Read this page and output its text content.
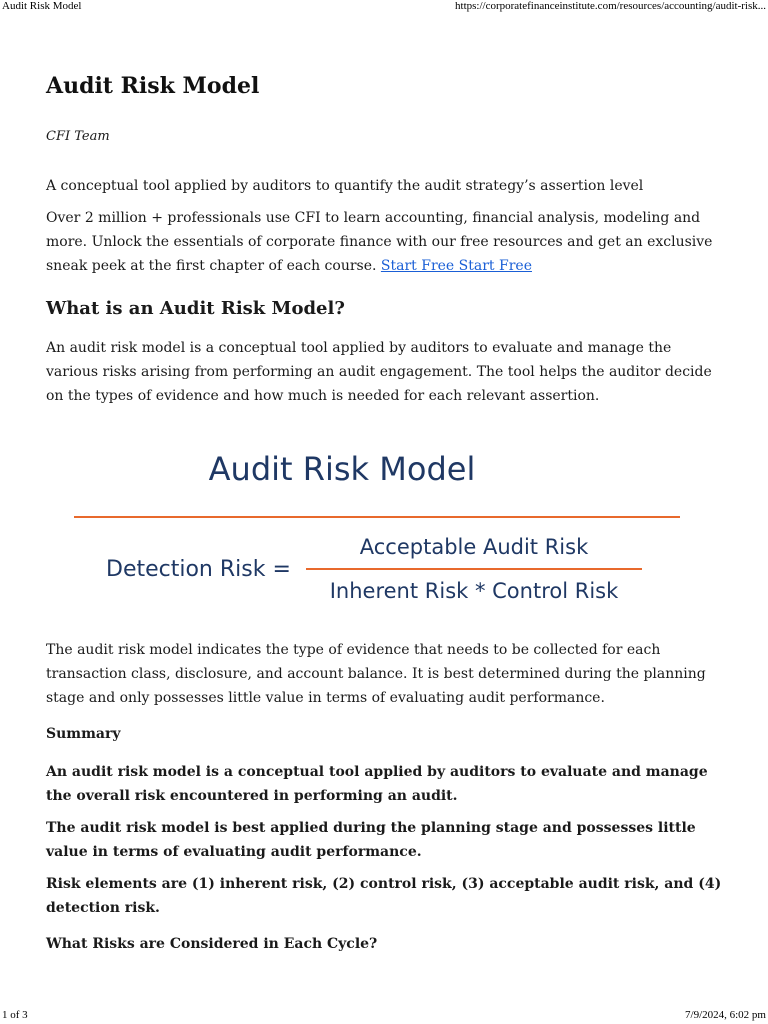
Audit Risk Model	https://corporatefinanceinstitute.com/resources/accounting/audit-risk...
Audit Risk Model
CFI Team

A conceptual tool applied by auditors to quantify the audit strategy’s assertion level

Over 2 million + professionals use CFI to learn accounting, financial analysis, modeling and more. Unlock the essentials of corporate finance with our free resources and get an exclusive sneak peek at the first chapter of each course. Start Free Start Free

What is an Audit Risk Model?

An audit risk model is a conceptual tool applied by auditors to evaluate and manage the various risks arising from performing an audit engagement. The tool helps the auditor decide on the types of evidence and how much is needed for each relevant assertion.

Audit Risk Model
Detection Risk =
Acceptable Audit Risk
Inherent Risk * Control Risk

The audit risk model indicates the type of evidence that needs to be collected for each transaction class, disclosure, and account balance. It is best determined during the planning stage and only possesses little value in terms of evaluating audit performance.

Summary

An audit risk model is a conceptual tool applied by auditors to evaluate and manage the overall risk encountered in performing an audit.

The audit risk model is best applied during the planning stage and possesses little value in terms of evaluating audit performance.

Risk elements are (1) inherent risk, (2) control risk, (3) acceptable audit risk, and (4) detection risk.

What Risks are Considered in Each Cycle?
1 of 3	7/9/2024, 6:02 pm
